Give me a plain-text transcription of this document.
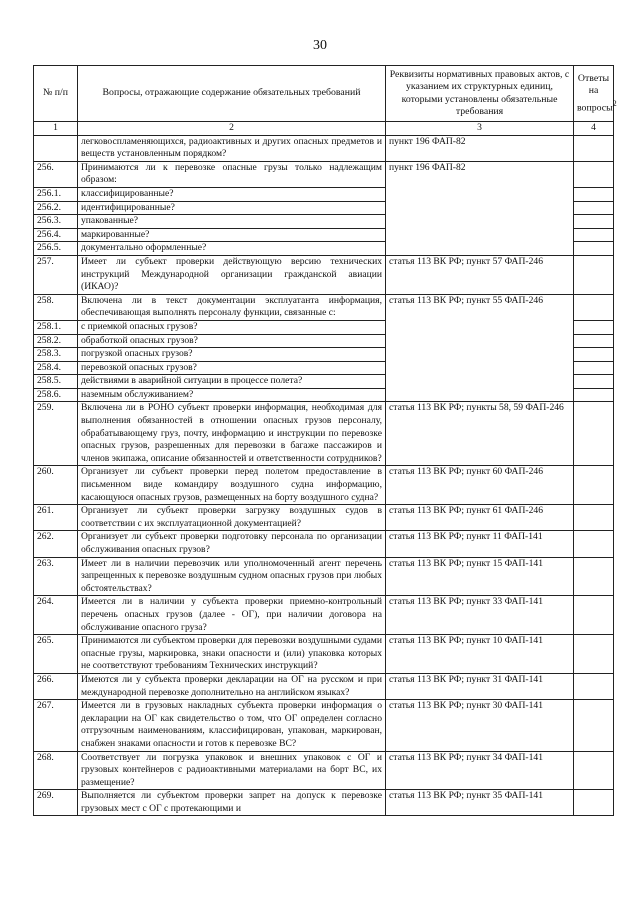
30
№ п/п	Вопросы, отражающие содержание обязательных требований	Реквизиты нормативных правовых актов, с указанием их структурных единиц, которыми установлены обязательные требования	Ответы на вопросы$^2$
1	2	3	4
	легковоспламеняющихся, радиоактивных и других опасных предметов и веществ установленным порядком?	пункт 196 ФАП-82	
256.	Принимаются ли к перевозке опасные грузы только надлежащим образом:	пункт 196 ФАП-82	
256.1.	классифицированные?		
256.2.	идентифицированные?		
256.3.	упакованные?		
256.4.	маркированные?		
256.5.	документально оформленные?		
257.	Имеет ли субъект проверки действующую версию технических инструкций Международной организации гражданской авиации (ИКАО)?	статья 113 ВК РФ; пункт 57 ФАП-246	
258.	Включена ли в текст документации эксплуатанта информация, обеспечивающая выполнять персоналу функции, связанные с:	статья 113 ВК РФ; пункт 55 ФАП-246	
258.1.	с приемкой опасных грузов?		
258.2.	обработкой опасных грузов?		
258.3.	погрузкой опасных грузов?		
258.4.	перевозкой опасных грузов?		
258.5.	действиями в аварийной ситуации в процессе полета?		
258.6.	наземным обслуживанием?		
259.	Включена ли в РОНО субъект проверки информация, необходимая для выполнения обязанностей в отношении опасных грузов персоналу, обрабатывающему груз, почту, информацию и инструкции по перевозке опасных грузов, разрешенных для перевозки в багаже пассажиров и членов экипажа, описание обязанностей и ответственности сотрудников?	статья 113 ВК РФ; пункты 58, 59 ФАП-246	
260.	Организует ли субъект проверки перед полетом предоставление в письменном виде командиру воздушного судна информацию, касающуюся опасных грузов, размещенных на борту воздушного судна?	статья 113 ВК РФ; пункт 60 ФАП-246	
261.	Организует ли субъект проверки загрузку воздушных судов в соответствии с их эксплуатационной документацией?	статья 113 ВК РФ; пункт 61 ФАП-246	
262.	Организует ли субъект проверки подготовку персонала по организации обслуживания опасных грузов?	статья 113 ВК РФ; пункт 11 ФАП-141	
263.	Имеет ли в наличии перевозчик или уполномоченный агент перечень запрещенных к перевозке воздушным судном опасных грузов при любых обстоятельствах?	статья 113 ВК РФ; пункт 15 ФАП-141	
264.	Имеется ли в наличии у субъекта проверки приемно-контрольный перечень опасных грузов (далее - ОГ), при наличии договора на обслуживание опасного груза?	статья 113 ВК РФ; пункт 33 ФАП-141	
265.	Принимаются ли субъектом проверки для перевозки воздушными судами опасные грузы, маркировка, знаки опасности и (или) упаковка которых не соответствуют требованиям Технических инструкций?	статья 113 ВК РФ; пункт 10 ФАП-141	
266.	Имеются ли у субъекта проверки декларации на ОГ на русском и при международной перевозке дополнительно на английском языках?	статья 113 ВК РФ; пункт 31 ФАП-141	
267.	Имеется ли в грузовых накладных субъекта проверки информация о декларации на ОГ как свидетельство о том, что ОГ определен согласно отгрузочным наименованиям, классифицирован, упакован, маркирован, снабжен знаками опасности и готов к перевозке ВС?	статья 113 ВК РФ; пункт 30 ФАП-141	
268.	Соответствует ли погрузка упаковок и внешних упаковок с ОГ и грузовых контейнеров с радиоактивными материалами на борт ВС, их размещение?	статья 113 ВК РФ; пункт 34 ФАП-141	
269.	Выполняется ли субъектом проверки запрет на допуск к перевозке грузовых мест с ОГ с протекающими и	статья 113 ВК РФ; пункт 35 ФАП-141	
